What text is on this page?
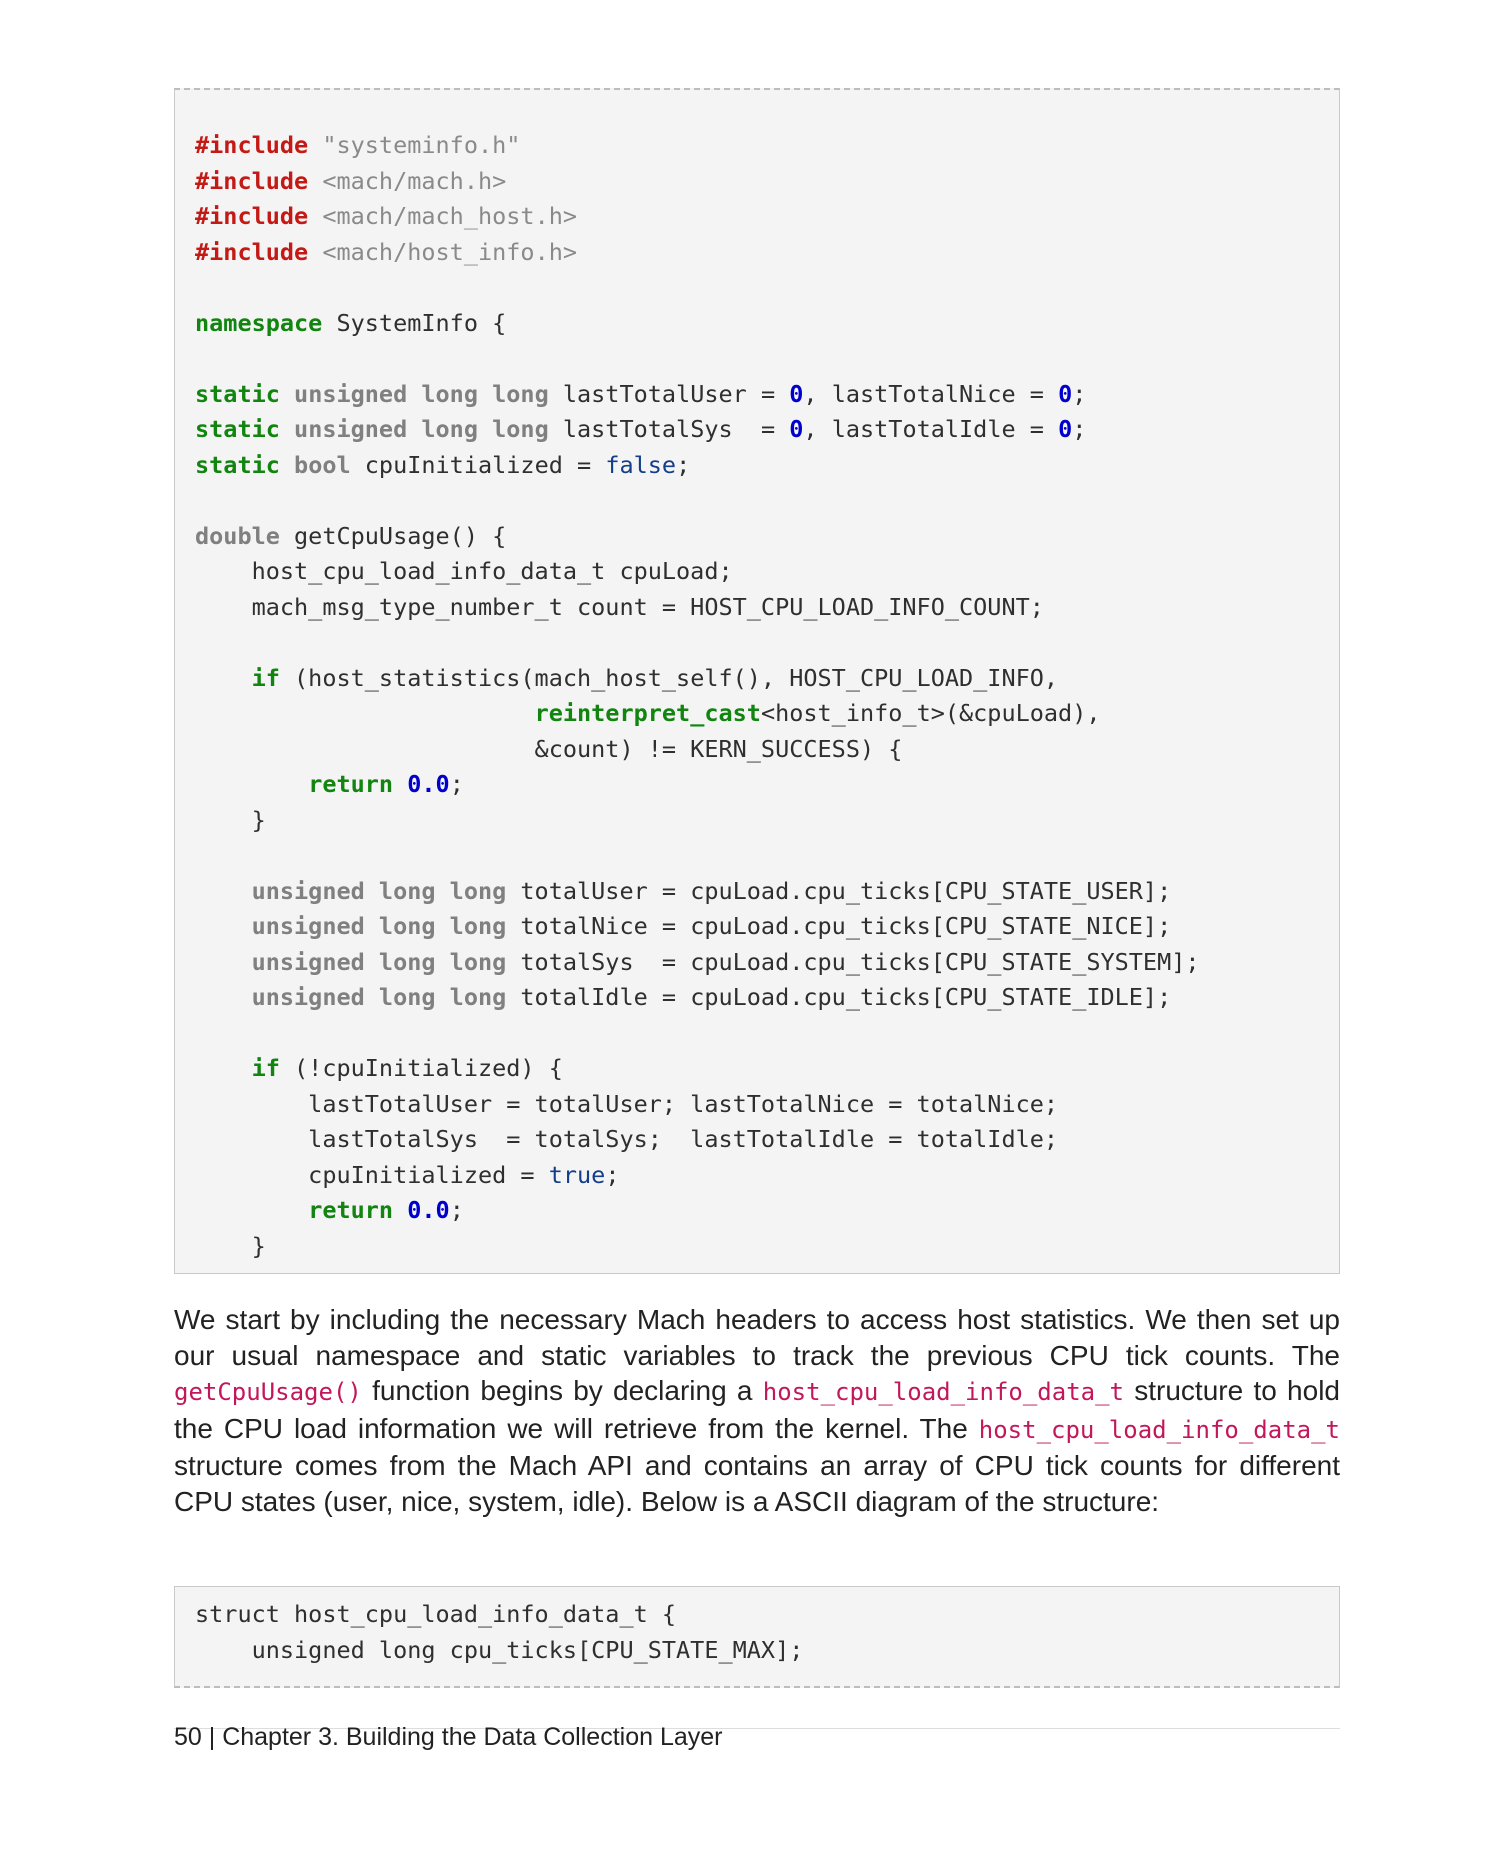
#include "systeminfo.h"
#include <mach/mach.h>
#include <mach/mach_host.h>
#include <mach/host_info.h>

namespace SystemInfo {

static unsigned long long lastTotalUser = 0, lastTotalNice = 0;
static unsigned long long lastTotalSys  = 0, lastTotalIdle = 0;
static bool cpuInitialized = false;

double getCpuUsage() {
host_cpu_load_info_data_t cpuLoad;
mach_msg_type_number_t count = HOST_CPU_LOAD_INFO_COUNT;

if (host_statistics(mach_host_self(), HOST_CPU_LOAD_INFO,
reinterpret_cast<host_info_t>(&cpuLoad),
&count) != KERN_SUCCESS) {
return 0.0;
}

unsigned long long totalUser = cpuLoad.cpu_ticks[CPU_STATE_USER];
unsigned long long totalNice = cpuLoad.cpu_ticks[CPU_STATE_NICE];
unsigned long long totalSys  = cpuLoad.cpu_ticks[CPU_STATE_SYSTEM];
unsigned long long totalIdle = cpuLoad.cpu_ticks[CPU_STATE_IDLE];

if (!cpuInitialized) {
lastTotalUser = totalUser; lastTotalNice = totalNice;
lastTotalSys  = totalSys;  lastTotalIdle = totalIdle;
cpuInitialized = true;
return 0.0;
}

We start by including the necessary Mach headers to access host statistics. We then set up our usual namespace and static variables to track the previous CPU tick counts. The getCpuUsage() function begins by declaring a host_cpu_load_info_data_t structure to hold the CPU load information we will retrieve from the kernel. The host_cpu_load_info_data_t structure comes from the Mach API and contains an array of CPU tick counts for different CPU states (user, nice, system, idle). Below is a ASCII diagram of the structure:

struct host_cpu_load_info_data_t {
unsigned long cpu_ticks[CPU_STATE_MAX];
50 | Chapter 3. Building the Data Collection Layer
